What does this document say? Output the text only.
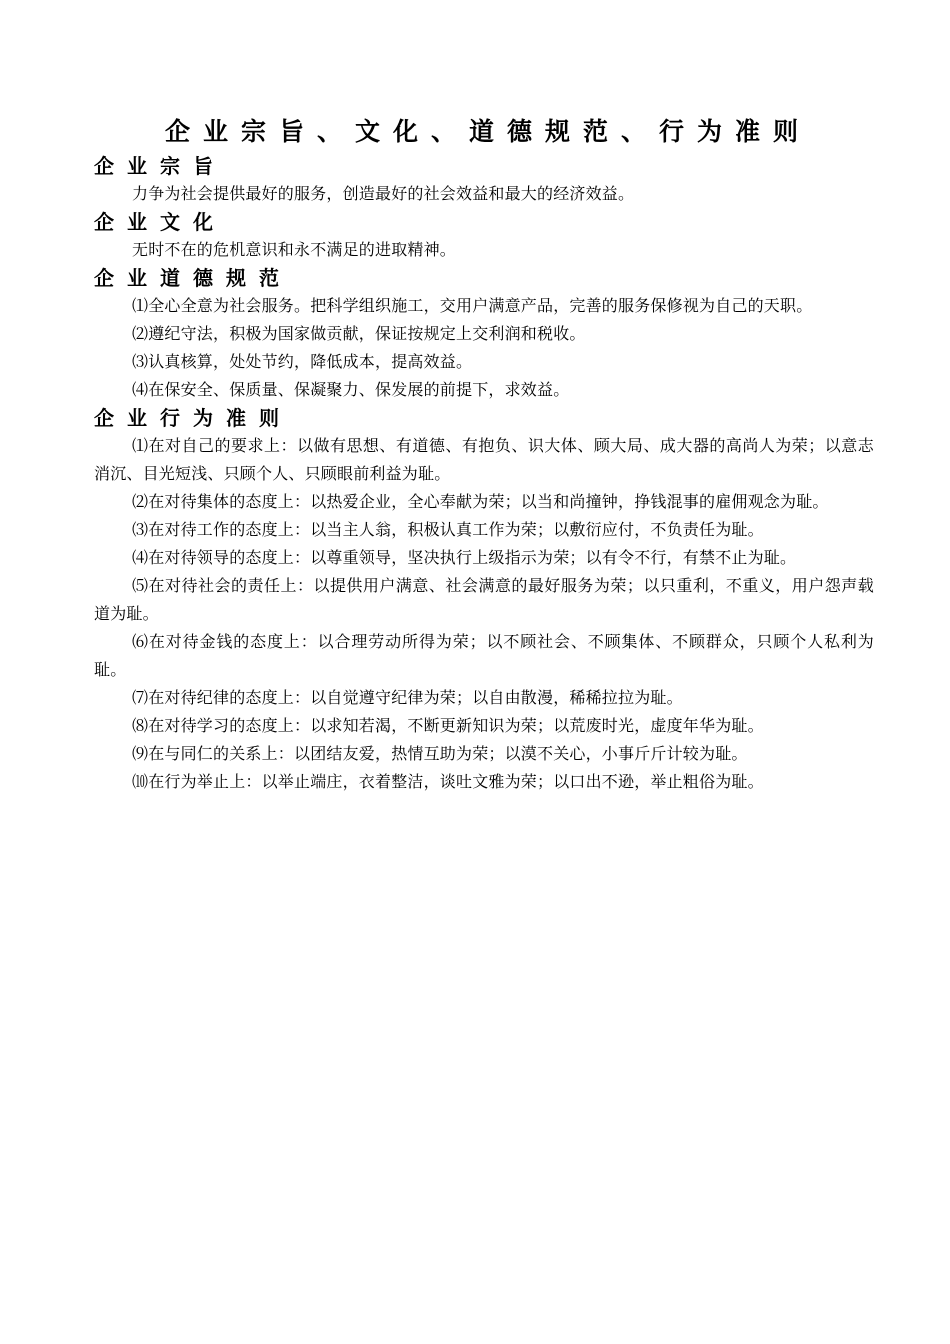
企业宗旨、文化、道德规范、行为准则
企业宗旨

力争为社会提供最好的服务，创造最好的社会效益和最大的经济效益。

企业文化

无时不在的危机意识和永不满足的进取精神。

企业道德规范

⑴全心全意为社会服务。把科学组织施工，交用户满意产品，完善的服务保修视为自己的天职。

⑵遵纪守法，积极为国家做贡献，保证按规定上交利润和税收。

⑶认真核算，处处节约，降低成本，提高效益。

⑷在保安全、保质量、保凝聚力、保发展的前提下，求效益。

企业行为准则

⑴在对自己的要求上：以做有思想、有道德、有抱负、识大体、顾大局、成大器的高尚人为荣；以意志消沉、目光短浅、只顾个人、只顾眼前利益为耻。

⑵在对待集体的态度上：以热爱企业，全心奉献为荣；以当和尚撞钟，挣钱混事的雇佣观念为耻。

⑶在对待工作的态度上：以当主人翁，积极认真工作为荣；以敷衍应付，不负责任为耻。

⑷在对待领导的态度上：以尊重领导，坚决执行上级指示为荣；以有令不行，有禁不止为耻。

⑸在对待社会的责任上：以提供用户满意、社会满意的最好服务为荣；以只重利，不重义，用户怨声载道为耻。

⑹在对待金钱的态度上：以合理劳动所得为荣；以不顾社会、不顾集体、不顾群众，只顾个人私利为耻。

⑺在对待纪律的态度上：以自觉遵守纪律为荣；以自由散漫，稀稀拉拉为耻。

⑻在对待学习的态度上：以求知若渴，不断更新知识为荣；以荒废时光，虚度年华为耻。

⑼在与同仁的关系上：以团结友爱，热情互助为荣；以漠不关心，小事斤斤计较为耻。

⑽在行为举止上：以举止端庄，衣着整洁，谈吐文雅为荣；以口出不逊，举止粗俗为耻。
